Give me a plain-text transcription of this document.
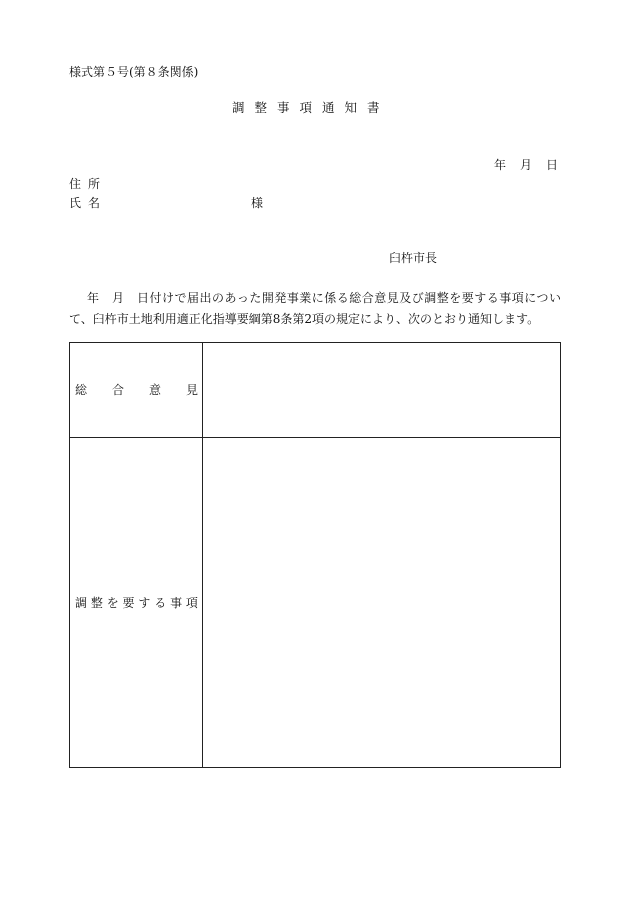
様式第５号(第８条関係)
調整事項通知書
年 月 日
住所
氏名	様
臼杵市長
年　月　日付けで届出のあった開発事業に係る総合意見及び調整を要する事項について、臼杵市土地利用適正化指導要綱第8条第2項の規定により、次のとおり通知します。
総 合 意 見
調 整 を 要 す る 事 項
